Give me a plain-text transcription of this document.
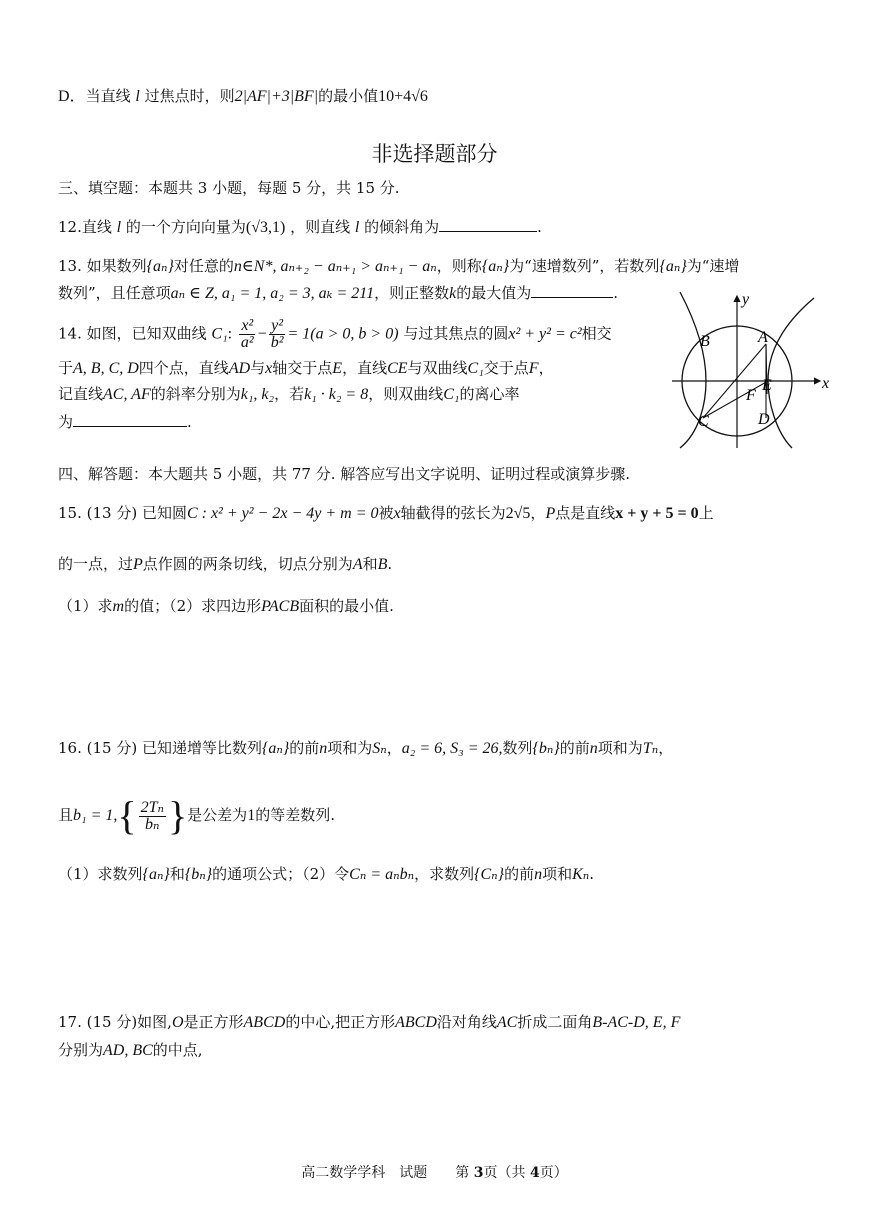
D．当直线 l 过焦点时，则2|AF|+3|BF|的最小值10+4√6
非选择题部分
三、填空题：本题共 3 小题，每题 5 分，共 15 分.
12.直线 l 的一个方向向量为(√3,1) ，则直线 l 的倾斜角为	.
13. 如果数列{aₙ}对任意的n∈N*, aₙ₊₂ − aₙ₊₁ > aₙ₊₁ − aₙ，则称{aₙ}为“速增数列”，若数列{aₙ}为“速增
数列”，且任意项aₙ ∈ Z, a₁ = 1, a₂ = 3, aₖ = 211，则正整数k的最大值为	.
14. 如图，已知双曲线 C₁: $\frac{\text{x²}}{\text{a²}} - \frac{\text{y²}}{\text{b²}} = 1(a > 0$, b > 0) 与过其焦点的圆x² + y² = c²相交
于A, B, C, D四个点，直线AD与x轴交于点E，直线CE与双曲线C₁交于点F，
记直线AC, AF的斜率分别为k₁, k₂，若k₁ · k₂ = 8，则双曲线C₁的离心率
为	.
y
x
B	A
E
F
C	D
四、解答题：本大题共 5 小题，共 77 分. 解答应写出文字说明、证明过程或演算步骤.
15. (13 分) 已知圆C : x² + y² − 2x − 4y + m = 0被x轴截得的弦长为2√5，P点是直线x + y + 5 = 0上
的一点，过P点作圆的两条切线，切点分别为A和B.
（1）求m的值；（2）求四边形PACB面积的最小值.
16. (15 分) 已知递增等比数列{aₙ}的前n项和为Sₙ，a₂ = 6, S₃ = 26,数列{bₙ}的前n项和为Tₙ，
且$b_1 = 1,\{ \frac{\text{2Tₙ}}{\text{bₙ}}$ }是公差为1的等差数列.
（1）求数列{aₙ}和{bₙ}的通项公式；（2）令Cₙ = aₙbₙ，求数列{Cₙ}的前n项和Kₙ.
17. (15 分)如图,O是正方形ABCD的中心,把正方形ABCD沿对角线AC折成二面角B-AC-D, E, F
分别为AD, BC的中点,
高二数学学科　试题　　第 3页（共 4页）
